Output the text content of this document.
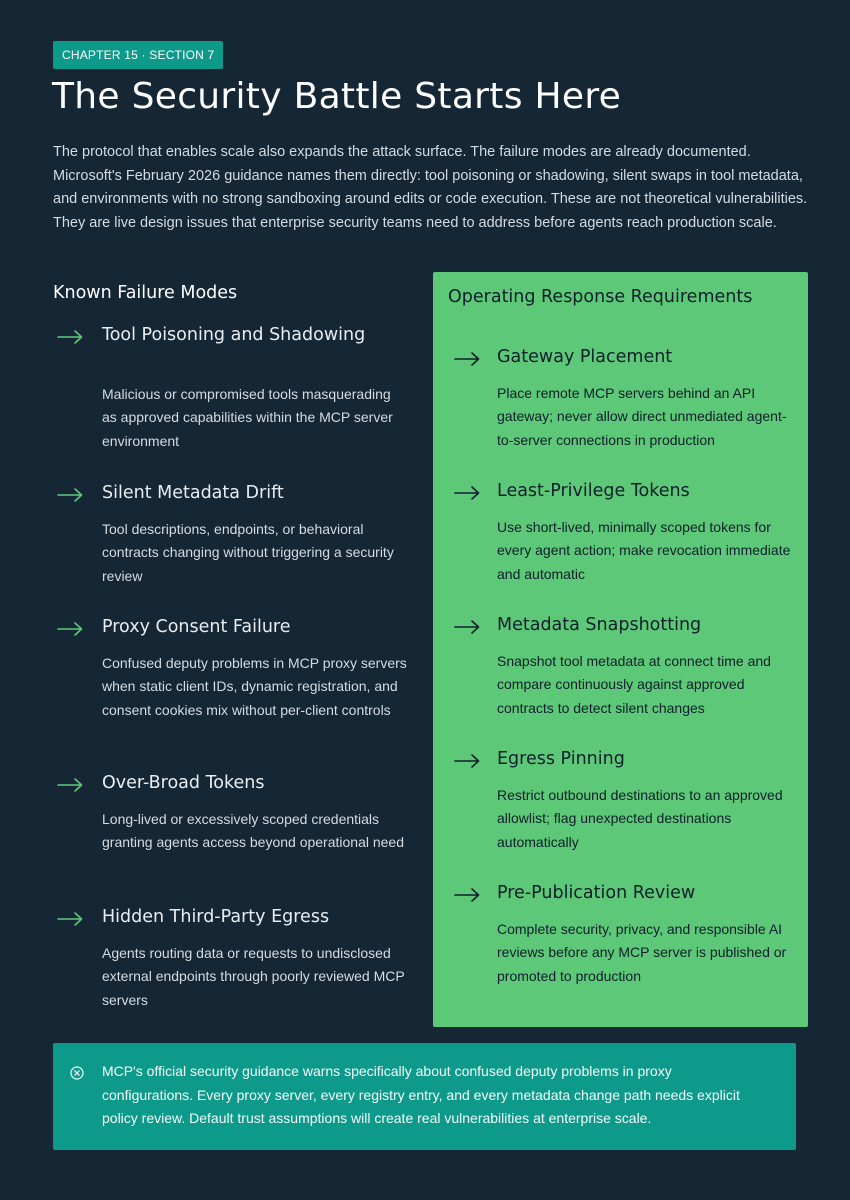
CHAPTER 15 · SECTION 7
The Security Battle Starts Here

The protocol that enables scale also expands the attack surface. The failure modes are already documented. Microsoft's February 2026 guidance names them directly: tool poisoning or shadowing, silent swaps in tool metadata, and environments with no strong sandboxing around edits or code execution. These are not theoretical vulnerabilities. They are live design issues that enterprise security teams need to address before agents reach production scale.

Known Failure Modes
Tool Poisoning and Shadowing
Malicious or compromised tools masquerading as approved capabilities within the MCP server environment
Silent Metadata Drift
Tool descriptions, endpoints, or behavioral contracts changing without triggering a security review
Proxy Consent Failure
Confused deputy problems in MCP proxy servers when static client IDs, dynamic registration, and consent cookies mix without per-client controls
Over-Broad Tokens
Long-lived or excessively scoped credentials granting agents access beyond operational need
Hidden Third-Party Egress
Agents routing data or requests to undisclosed external endpoints through poorly reviewed MCP servers
Operating Response Requirements
Gateway Placement
Place remote MCP servers behind an API gateway; never allow direct unmediated agent-to-server connections in production
Least-Privilege Tokens
Use short-lived, minimally scoped tokens for every agent action; make revocation immediate and automatic
Metadata Snapshotting
Snapshot tool metadata at connect time and compare continuously against approved contracts to detect silent changes
Egress Pinning
Restrict outbound destinations to an approved allowlist; flag unexpected destinations automatically
Pre-Publication Review
Complete security, privacy, and responsible AI reviews before any MCP server is published or promoted to production
MCP's official security guidance warns specifically about confused deputy problems in proxy configurations. Every proxy server, every registry entry, and every metadata change path needs explicit policy review. Default trust assumptions will create real vulnerabilities at enterprise scale.
